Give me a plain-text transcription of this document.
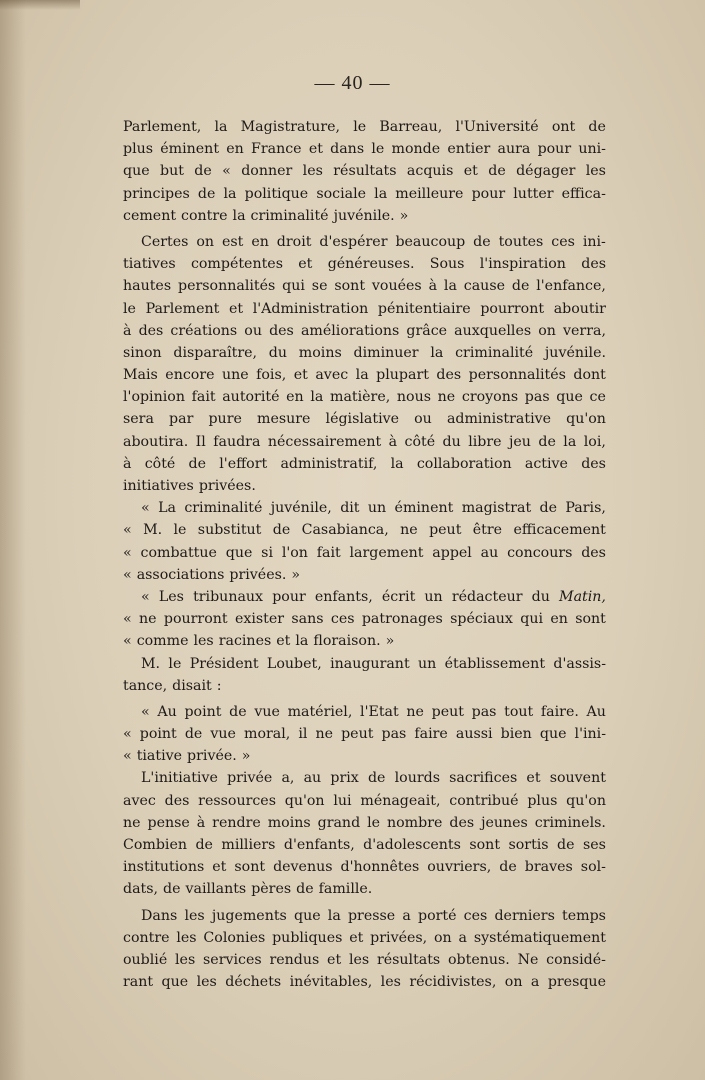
— 40 —
Parlement, la Magistrature, le Barreau, l'Université ont de
plus éminent en France et dans le monde entier aura pour uni-
que but de « donner les résultats acquis et de dégager les
principes de la politique sociale la meilleure pour lutter effica-
cement contre la criminalité juvénile. »
Certes on est en droit d'espérer beaucoup de toutes ces ini-
tiatives compétentes et généreuses. Sous l'inspiration des
hautes personnalités qui se sont vouées à la cause de l'enfance,
le Parlement et l'Administration pénitentiaire pourront aboutir
à des créations ou des améliorations grâce auxquelles on verra,
sinon disparaître, du moins diminuer la criminalité juvénile.
Mais encore une fois, et avec la plupart des personnalités dont
l'opinion fait autorité en la matière, nous ne croyons pas que ce
sera par pure mesure législative ou administrative qu'on
aboutira. Il faudra nécessairement à côté du libre jeu de la loi,
à côté de l'effort administratif, la collaboration active des
initiatives privées.
« La criminalité juvénile, dit un éminent magistrat de Paris,
« M. le substitut de Casabianca, ne peut être efficacement
« combattue que si l'on fait largement appel au concours des
« associations privées. »
« Les tribunaux pour enfants, écrit un rédacteur du Matin,
« ne pourront exister sans ces patronages spéciaux qui en sont
« comme les racines et la floraison. »
M. le Président Loubet, inaugurant un établissement d'assis-
tance, disait :
« Au point de vue matériel, l'Etat ne peut pas tout faire. Au
« point de vue moral, il ne peut pas faire aussi bien que l'ini-
« tiative privée. »
L'initiative privée a, au prix de lourds sacrifices et souvent
avec des ressources qu'on lui ménageait, contribué plus qu'on
ne pense à rendre moins grand le nombre des jeunes criminels.
Combien de milliers d'enfants, d'adolescents sont sortis de ses
institutions et sont devenus d'honnêtes ouvriers, de braves sol-
dats, de vaillants pères de famille.
Dans les jugements que la presse a porté ces derniers temps
contre les Colonies publiques et privées, on a systématiquement
oublié les services rendus et les résultats obtenus. Ne considé-
rant que les déchets inévitables, les récidivistes, on a presque
